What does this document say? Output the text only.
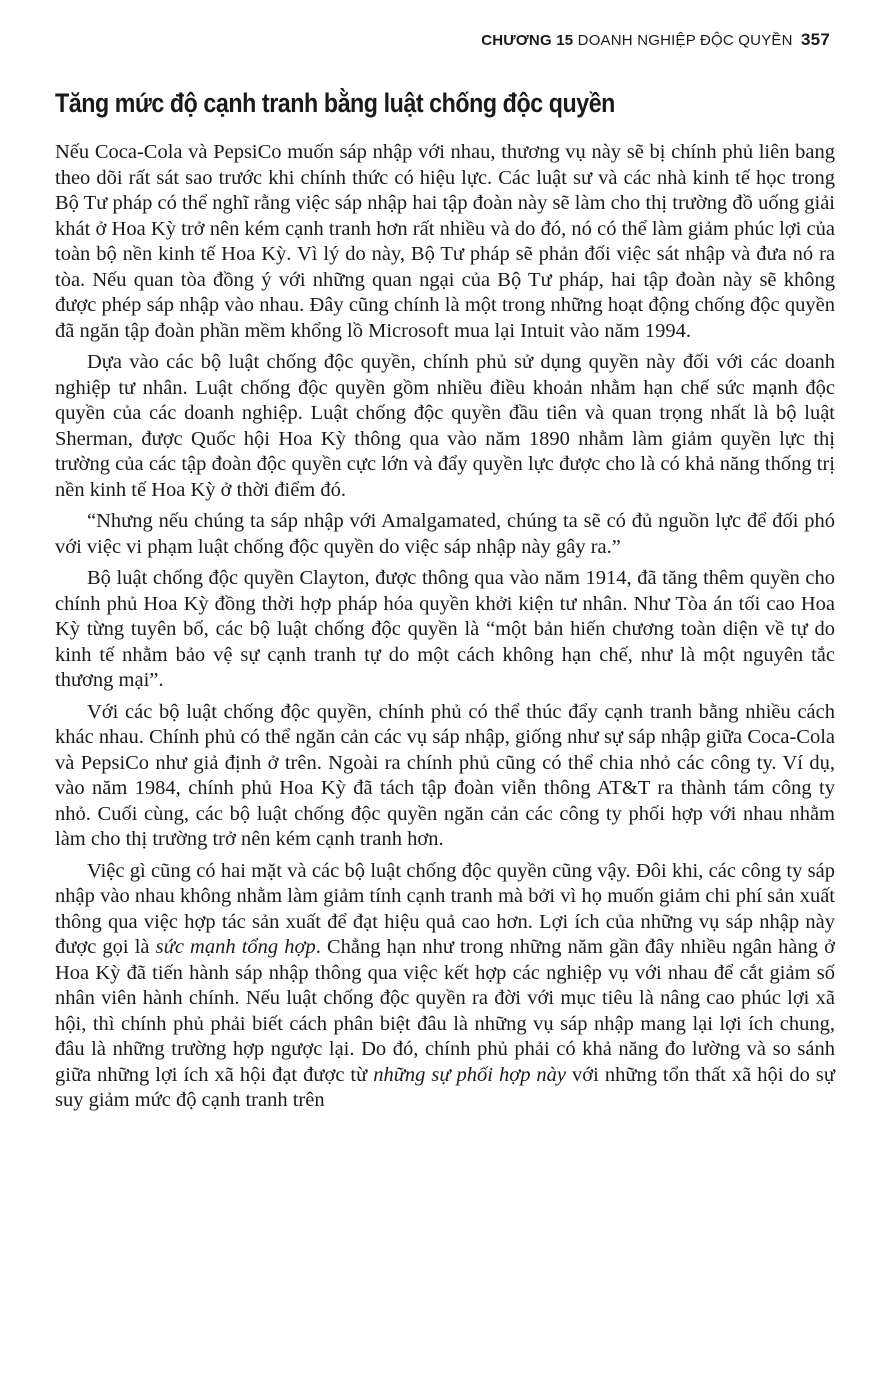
CHƯƠNG 15 DOANH NGHIỆP ĐỘC QUYỀN 357
Tăng mức độ cạnh tranh bằng luật chống độc quyền

Nếu Coca-Cola và PepsiCo muốn sáp nhập với nhau, thương vụ này sẽ bị chính phủ liên bang theo dõi rất sát sao trước khi chính thức có hiệu lực. Các luật sư và các nhà kinh tế học trong Bộ Tư pháp có thể nghĩ rằng việc sáp nhập hai tập đoàn này sẽ làm cho thị trường đồ uống giải khát ở Hoa Kỳ trở nên kém cạnh tranh hơn rất nhiều và do đó, nó có thể làm giảm phúc lợi của toàn bộ nền kinh tế Hoa Kỳ. Vì lý do này, Bộ Tư pháp sẽ phản đối việc sát nhập và đưa nó ra tòa. Nếu quan tòa đồng ý với những quan ngại của Bộ Tư pháp, hai tập đoàn này sẽ không được phép sáp nhập vào nhau. Đây cũng chính là một trong những hoạt động chống độc quyền đã ngăn tập đoàn phần mềm khổng lồ Microsoft mua lại Intuit vào năm 1994.

Dựa vào các bộ luật chống độc quyền, chính phủ sử dụng quyền này đối với các doanh nghiệp tư nhân. Luật chống độc quyền gồm nhiều điều khoản nhằm hạn chế sức mạnh độc quyền của các doanh nghiệp. Luật chống độc quyền đầu tiên và quan trọng nhất là bộ luật Sherman, được Quốc hội Hoa Kỳ thông qua vào năm 1890 nhằm làm giảm quyền lực thị trường của các tập đoàn độc quyền cực lớn và đẩy quyền lực được cho là có khả năng thống trị nền kinh tế Hoa Kỳ ở thời điểm đó.

“Nhưng nếu chúng ta sáp nhập với Amalgamated, chúng ta sẽ có đủ nguồn lực để đối phó với việc vi phạm luật chống độc quyền do việc sáp nhập này gây ra.”

Bộ luật chống độc quyền Clayton, được thông qua vào năm 1914, đã tăng thêm quyền cho chính phủ Hoa Kỳ đồng thời hợp pháp hóa quyền khởi kiện tư nhân. Như Tòa án tối cao Hoa Kỳ từng tuyên bố, các bộ luật chống độc quyền là “một bản hiến chương toàn diện về tự do kinh tế nhằm bảo vệ sự cạnh tranh tự do một cách không hạn chế, như là một nguyên tắc thương mại”.

Với các bộ luật chống độc quyền, chính phủ có thể thúc đẩy cạnh tranh bằng nhiều cách khác nhau. Chính phủ có thể ngăn cản các vụ sáp nhập, giống như sự sáp nhập giữa Coca-Cola và PepsiCo như giả định ở trên. Ngoài ra chính phủ cũng có thể chia nhỏ các công ty. Ví dụ, vào năm 1984, chính phủ Hoa Kỳ đã tách tập đoàn viễn thông AT&T ra thành tám công ty nhỏ. Cuối cùng, các bộ luật chống độc quyền ngăn cản các công ty phối hợp với nhau nhằm làm cho thị trường trở nên kém cạnh tranh hơn.

Việc gì cũng có hai mặt và các bộ luật chống độc quyền cũng vậy. Đôi khi, các công ty sáp nhập vào nhau không nhằm làm giảm tính cạnh tranh mà bởi vì họ muốn giảm chi phí sản xuất thông qua việc hợp tác sản xuất để đạt hiệu quả cao hơn. Lợi ích của những vụ sáp nhập này được gọi là sức mạnh tổng hợp. Chẳng hạn như trong những năm gần đây nhiều ngân hàng ở Hoa Kỳ đã tiến hành sáp nhập thông qua việc kết hợp các nghiệp vụ với nhau để cắt giảm số nhân viên hành chính. Nếu luật chống độc quyền ra đời với mục tiêu là nâng cao phúc lợi xã hội, thì chính phủ phải biết cách phân biệt đâu là những vụ sáp nhập mang lại lợi ích chung, đâu là những trường hợp ngược lại. Do đó, chính phủ phải có khả năng đo lường và so sánh giữa những lợi ích xã hội đạt được từ những sự phối hợp này với những tổn thất xã hội do sự suy giảm mức độ cạnh tranh trên
